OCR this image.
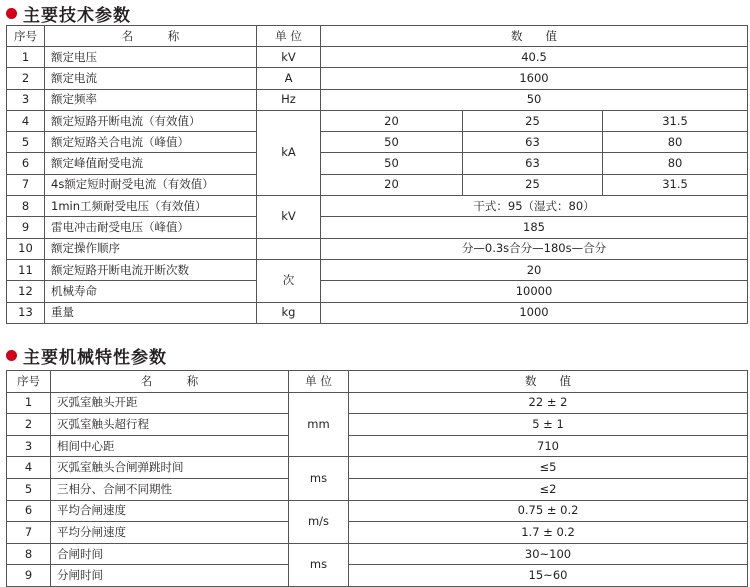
主要技术参数
序号	名　　　称	单 位	数　　值		
1	额定电压	kV	40.5		
2	额定电流	A	1600		
3	额定频率	Hz	50		
4	额定短路开断电流（有效值）	kA	20	25	31.5
5	额定短路关合电流（峰值）		50	63	80
6	额定峰值耐受电流		50	63	80
7	4s额定短时耐受电流（有效值）		20	25	31.5
8	1min工频耐受电压（有效值）	kV	干式：95（湿式：80）		
9	雷电冲击耐受电压（峰值）		185		
10	额定操作顺序		分—0.3s合分—180s—合分		
11	额定短路开断电流开断次数	次	20		
12	机械寿命		10000		
13	重量	kg	1000		
主要机械特性参数
序号	名　　　称	单 位	数　　值
1	灭弧室触头开距	mm	22 ± 2
2	灭弧室触头超行程		5 ± 1
3	相间中心距		710
4	灭弧室触头合闸弹跳时间	ms	≤5
5	三相分、合闸不同期性		≤2
6	平均合闸速度	m/s	0.75 ± 0.2
7	平均分闸速度		1.7 ± 0.2
8	合闸时间	ms	30~100
9	分闸时间		15~60
